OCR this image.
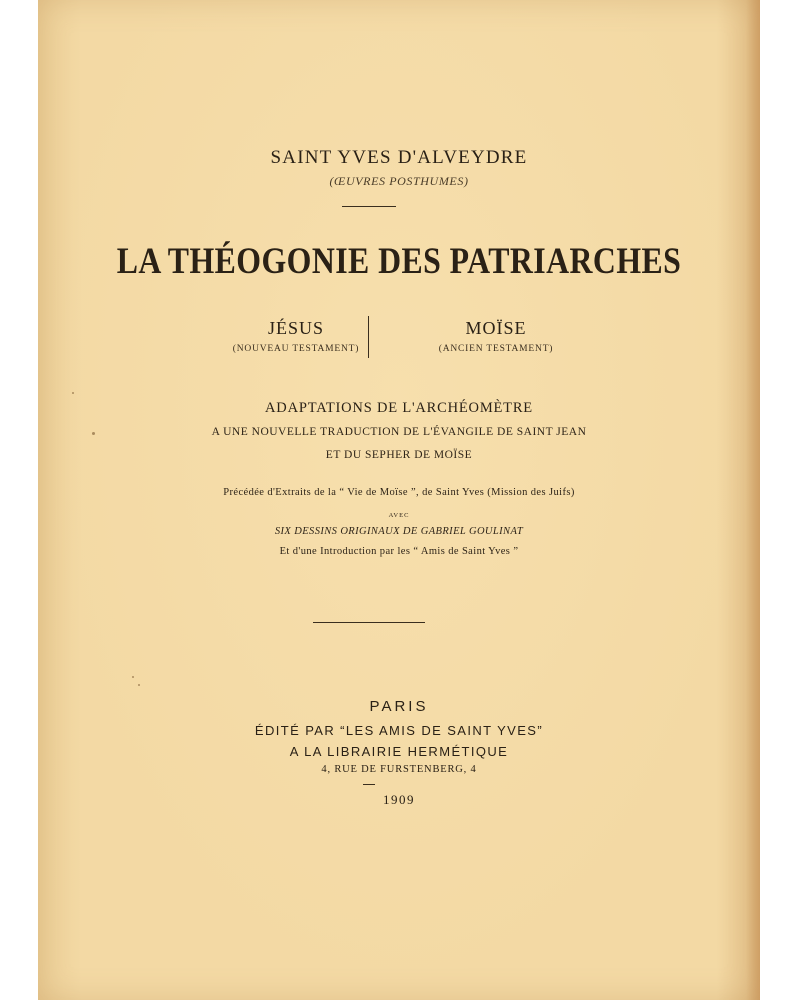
SAINT YVES D'ALVEYDRE
(ŒUVRES POSTHUMES)
LA THÉOGONIE DES PATRIARCHES
JÉSUS
(NOUVEAU TESTAMENT)
MOÏSE
(ANCIEN TESTAMENT)
ADAPTATIONS DE L'ARCHÉOMÈTRE
A UNE NOUVELLE TRADUCTION DE L'ÉVANGILE DE SAINT JEAN
ET DU SEPHER DE MOÏSE
Précédée d'Extraits de la “ Vie de Moïse ”, de Saint Yves (Mission des Juifs)
AVEC
SIX DESSINS ORIGINAUX DE GABRIEL GOULINAT
Et d'une Introduction par les “ Amis de Saint Yves ”
PARIS
ÉDITÉ PAR “LES AMIS DE SAINT YVES”
A LA LIBRAIRIE HERMÉTIQUE
4, RUE DE FURSTENBERG, 4
1909
